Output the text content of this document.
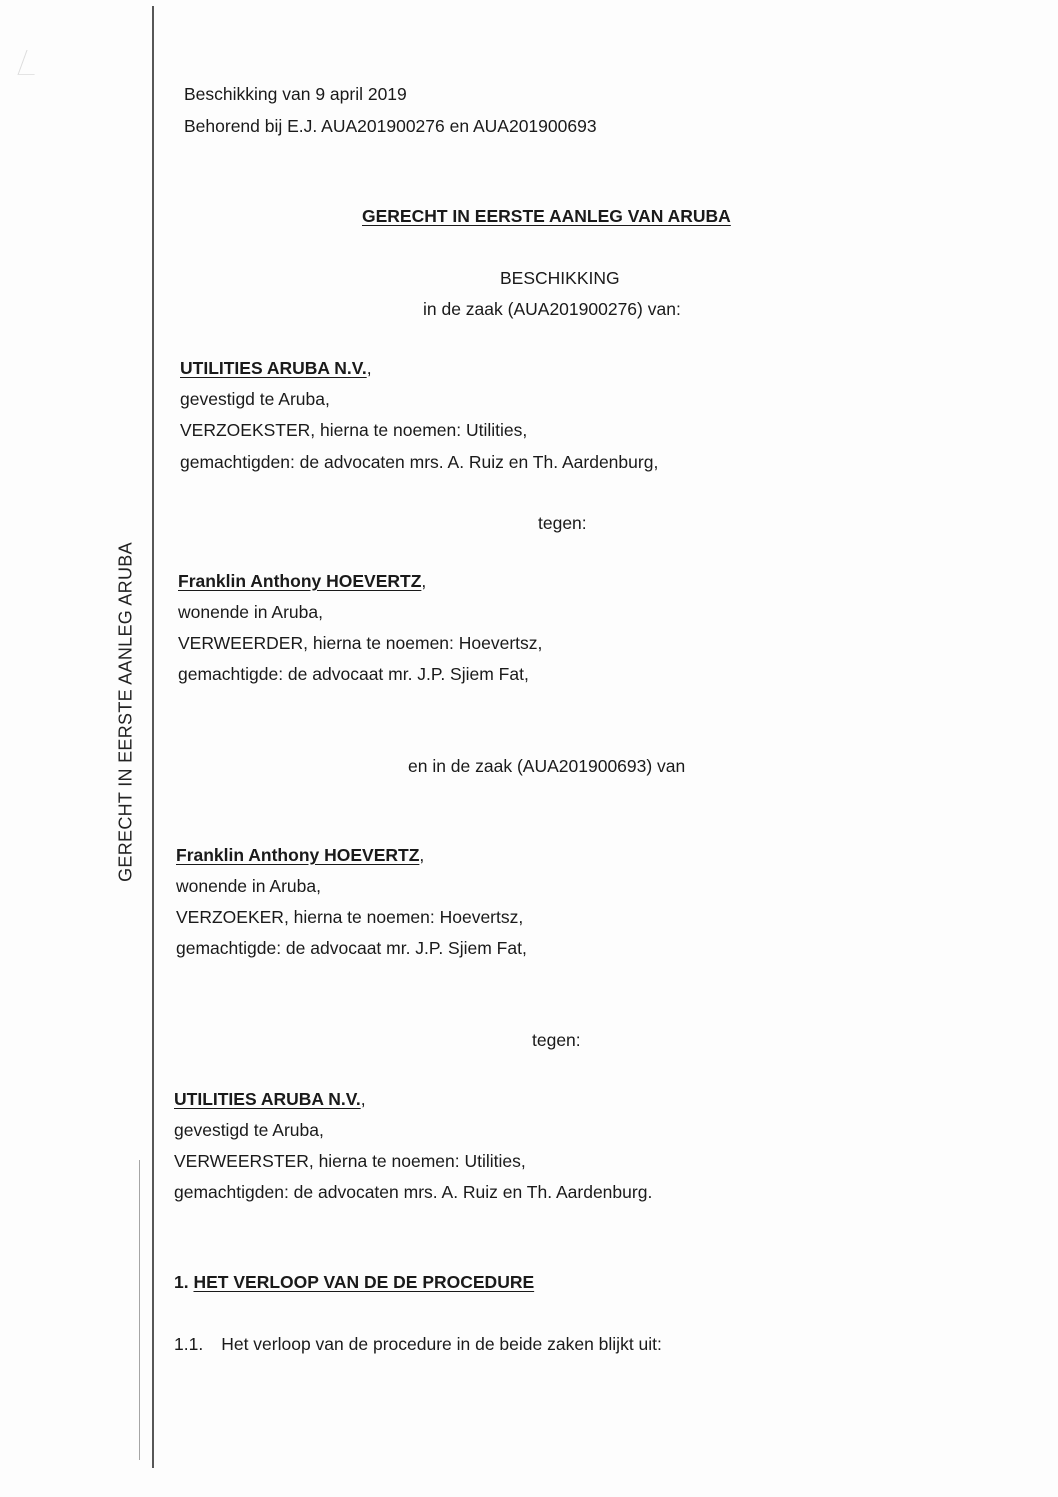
GERECHT IN EERSTE AANLEG ARUBA
Beschikking van 9 april 2019
Behorend bij E.J. AUA201900276 en AUA201900693
GERECHT IN EERSTE AANLEG VAN ARUBA
BESCHIKKING
in de zaak (AUA201900276) van:
UTILITIES ARUBA N.V.,
gevestigd te Aruba,
VERZOEKSTER, hierna te noemen: Utilities,
gemachtigden: de advocaten mrs. A. Ruiz en Th. Aardenburg,
tegen:
Franklin Anthony HOEVERTZ,
wonende in Aruba,
VERWEERDER, hierna te noemen: Hoevertsz,
gemachtigde: de advocaat mr. J.P. Sjiem Fat,
en in de zaak (AUA201900693) van
Franklin Anthony HOEVERTZ,
wonende in Aruba,
VERZOEKER, hierna te noemen: Hoevertsz,
gemachtigde: de advocaat mr. J.P. Sjiem Fat,
tegen:
UTILITIES ARUBA N.V.,
gevestigd te Aruba,
VERWEERSTER, hierna te noemen: Utilities,
gemachtigden: de advocaten mrs. A. Ruiz en Th. Aardenburg.
1. HET VERLOOP VAN DE DE PROCEDURE
1.1. Het verloop van de procedure in de beide zaken blijkt uit:
